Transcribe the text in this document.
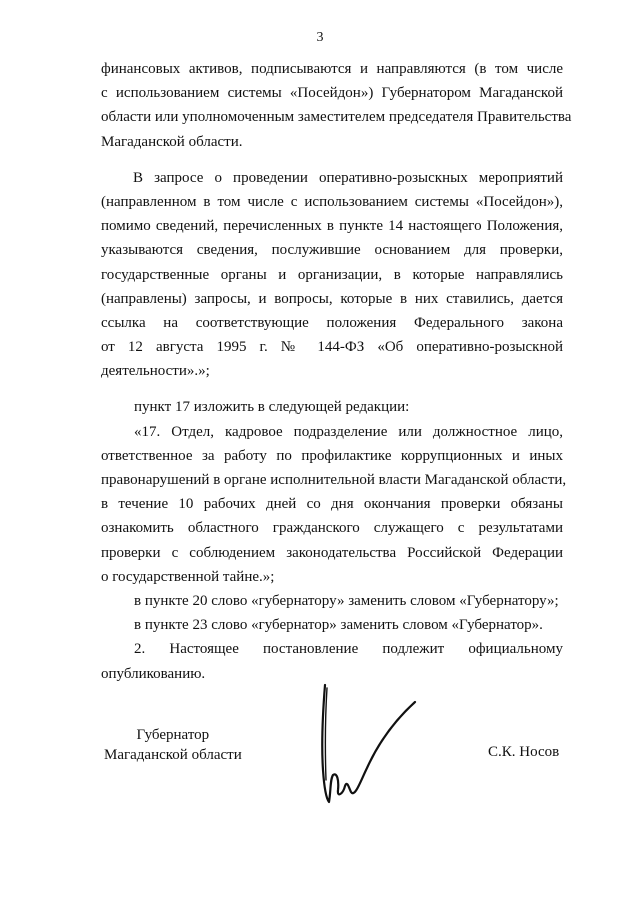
3
финансовых активов, подписываются и направляются (в том числе
с использованием системы «Посейдон») Губернатором Магаданской
области или уполномоченным заместителем председателя Правительства
Магаданской области.
В запросе о проведении оперативно-розыскных мероприятий
(направленном в том числе с использованием системы «Посейдон»),
помимо сведений, перечисленных в пункте 14 настоящего Положения,
указываются сведения, послужившие основанием для проверки,
государственные органы и организации, в которые направлялись
(направлены) запросы, и вопросы, которые в них ставились, дается
ссылка на соответствующие положения Федерального закона
от 12 августа 1995 г. № 144-ФЗ «Об оперативно-розыскной
деятельности».»;
пункт 17 изложить в следующей редакции:
«17. Отдел, кадровое подразделение или должностное лицо,
ответственное за работу по профилактике коррупционных и иных
правонарушений в органе исполнительной власти Магаданской области,
в течение 10 рабочих дней со дня окончания проверки обязаны
ознакомить областного гражданского служащего с результатами
проверки с соблюдением законодательства Российской Федерации
о государственной тайне.»;
в пункте 20 слово «губернатору» заменить словом «Губернатору»;
в пункте 23 слово «губернатор» заменить словом «Губернатор».
2. Настоящее постановление подлежит официальному
опубликованию.
Губернатор
Магаданской области	С.К. Носов
